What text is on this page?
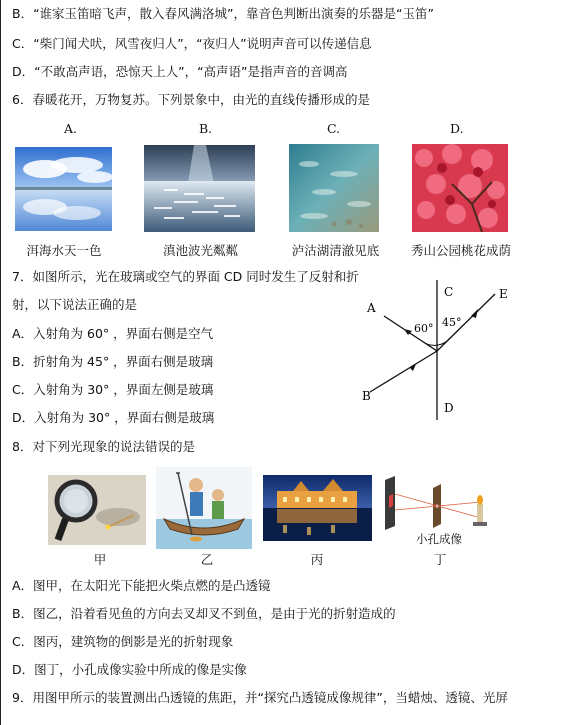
B．“谁家玉笛暗飞声，散入春风满洛城”，靠音色判断出演奏的乐器是“玉笛”
C．“柴门闻犬吠，风雪夜归人”，“夜归人”说明声音可以传递信息
D．“不敢高声语，恐惊天上人”，“高声语”是指声音的音调高
6．春暖花开，万物复苏。下列景象中，由光的直线传播形成的是
A.	B.	C.	D.
洱海水天一色	滇池波光粼粼	泸沽湖清澈见底	秀山公园桃花成荫
7．如图所示，光在玻璃或空气的界面 CD 同时发生了反射和折
射，以下说法正确的是
A．入射角为 60° ，界面右侧是空气
B．折射角为 45° ，界面右侧是玻璃
C．入射角为 30° ，界面左侧是玻璃
D．入射角为 30° ，界面右侧是玻璃
A
B
C
D
E
60° 45°
8．对下列光现象的说法错误的是
小孔成像
甲	乙	丙	丁
A．图甲，在太阳光下能把火柴点燃的是凸透镜
B．图乙，沿着看见鱼的方向去叉却叉不到鱼，是由于光的折射造成的
C．图丙，建筑物的倒影是光的折射现象
D．图丁，小孔成像实验中所成的像是实像
9．用图甲所示的装置测出凸透镜的焦距，并“探究凸透镜成像规律”，当蜡烛、透镜、光屏
